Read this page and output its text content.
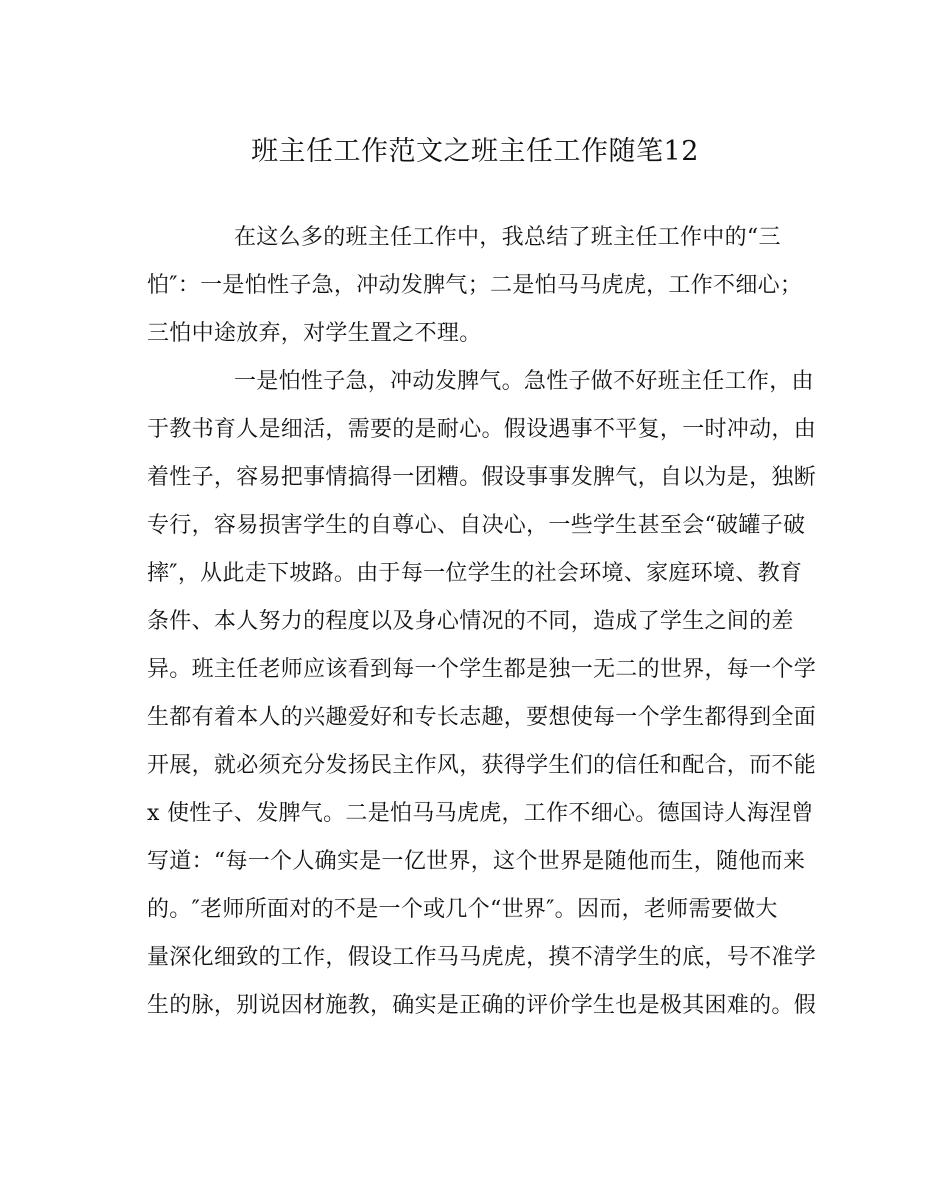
班主任工作范文之班主任工作随笔12

在这么多的班主任工作中，我总结了班主任工作中的“三

怕″：一是怕性子急，冲动发脾气；二是怕马马虎虎，工作不细心；

三怕中途放弃，对学生置之不理。

一是怕性子急，冲动发脾气。急性子做不好班主任工作，由

于教书育人是细活，需要的是耐心。假设遇事不平复，一时冲动，由

着性子，容易把事情搞得一团糟。假设事事发脾气，自以为是，独断

专行，容易损害学生的自尊心、自决心，一些学生甚至会“破罐子破

摔″，从此走下坡路。由于每一位学生的社会环境、家庭环境、教育

条件、本人努力的程度以及身心情况的不同，造成了学生之间的差

异。班主任老师应该看到每一个学生都是独一无二的世界，每一个学

生都有着本人的兴趣爱好和专长志趣，要想使每一个学生都得到全面

开展，就必须充分发扬民主作风，获得学生们的信任和配合，而不能

x 使性子、发脾气。二是怕马马虎虎，工作不细心。德国诗人海涅曾

写道：“每一个人确实是一亿世界，这个世界是随他而生，随他而来

的。″老师所面对的不是一个或几个“世界″。因而，老师需要做大

量深化细致的工作，假设工作马马虎虎，摸不清学生的底，号不准学

生的脉，别说因材施教，确实是正确的评价学生也是极其困难的。假
